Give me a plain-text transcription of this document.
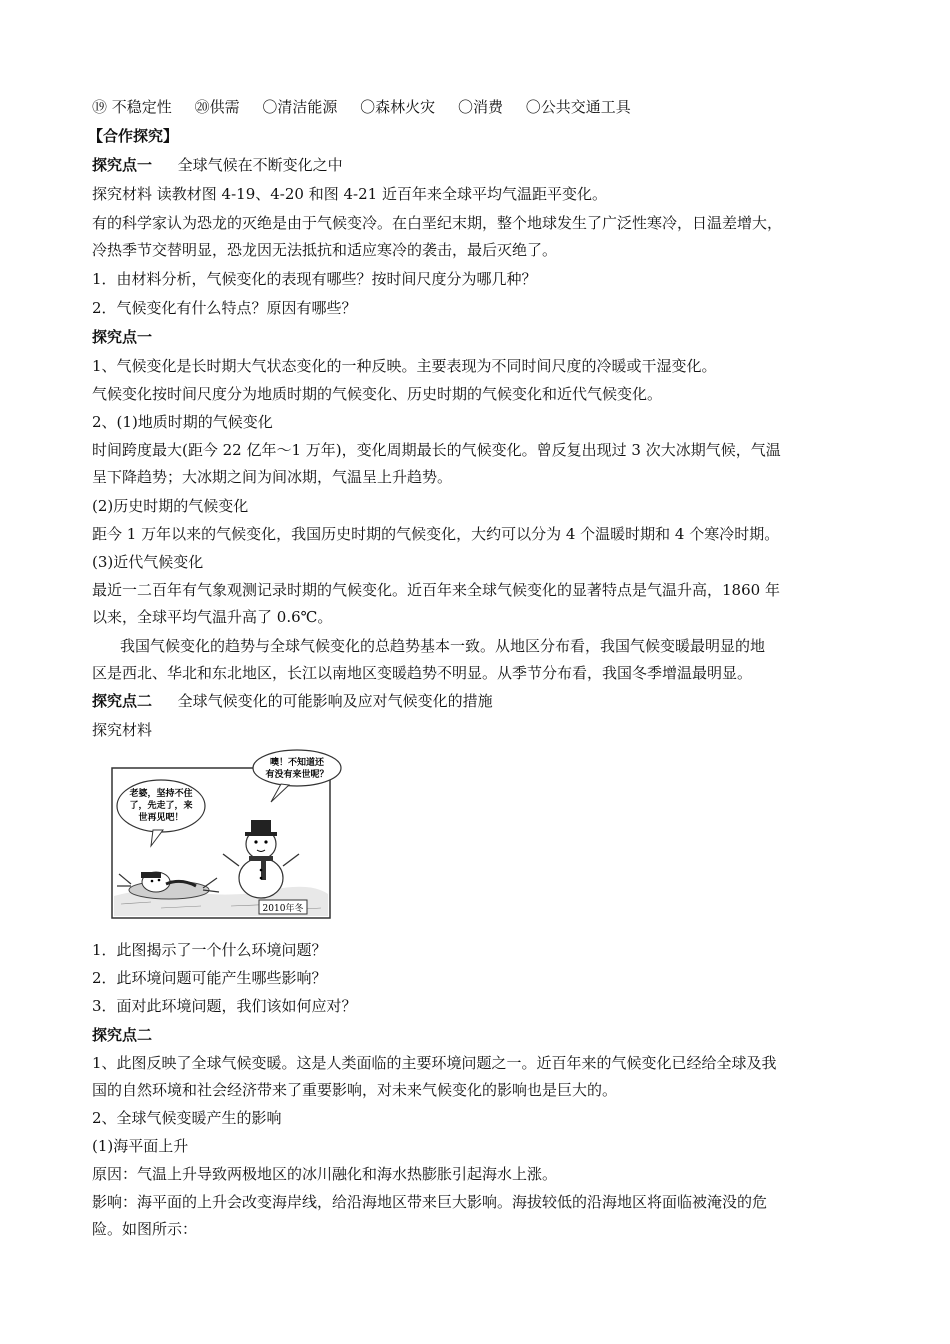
⑲ 不稳定性 ⑳供需 〇清洁能源 〇森林火灾 〇消费 〇公共交通工具
【合作探究】
探究点一 全球气候在不断变化之中
探究材料 读教材图 4-19、4-20 和图 4-21 近百年来全球平均气温距平变化。
有的科学家认为恐龙的灭绝是由于气候变冷。在白垩纪末期，整个地球发生了广泛性寒冷，日温差增大，
冷热季节交替明显，恐龙因无法抵抗和适应寒冷的袭击，最后灭绝了。
1．由材料分析，气候变化的表现有哪些？按时间尺度分为哪几种？
2．气候变化有什么特点？原因有哪些？
探究点一
1、气候变化是长时期大气状态变化的一种反映。主要表现为不同时间尺度的冷暖或干湿变化。
气候变化按时间尺度分为地质时期的气候变化、历史时期的气候变化和近代气候变化。
2、(1)地质时期的气候变化
时间跨度最大(距今 22 亿年～1 万年)，变化周期最长的气候变化。曾反复出现过 3 次大冰期气候，气温
呈下降趋势；大冰期之间为间冰期，气温呈上升趋势。
(2)历史时期的气候变化
距今 1 万年以来的气候变化，我国历史时期的气候变化，大约可以分为 4 个温暖时期和 4 个寒冷时期。
(3)近代气候变化
最近一二百年有气象观测记录时期的气候变化。近百年来全球气候变化的显著特点是气温升高，1860 年
以来，全球平均气温升高了 0.6℃。
我国气候变化的趋势与全球气候变化的总趋势基本一致。从地区分布看，我国气候变暖最明显的地
区是西北、华北和东北地区，长江以南地区变暖趋势不明显。从季节分布看，我国冬季增温最明显。
探究点二 全球气候变化的可能影响及应对气候变化的措施
探究材料
老婆，坚持不住
了，先走了，来
世再见吧！
噢！不知道还
有没有来世呢？
2010年冬
1．此图揭示了一个什么环境问题？
2．此环境问题可能产生哪些影响？
3．面对此环境问题，我们该如何应对？
探究点二
1、此图反映了全球气候变暖。这是人类面临的主要环境问题之一。近百年来的气候变化已经给全球及我
国的自然环境和社会经济带来了重要影响，对未来气候变化的影响也是巨大的。
2、全球气候变暖产生的影响
(1)海平面上升
原因：气温上升导致两极地区的冰川融化和海水热膨胀引起海水上涨。
影响：海平面的上升会改变海岸线，给沿海地区带来巨大影响。海拔较低的沿海地区将面临被淹没的危
险。如图所示：
